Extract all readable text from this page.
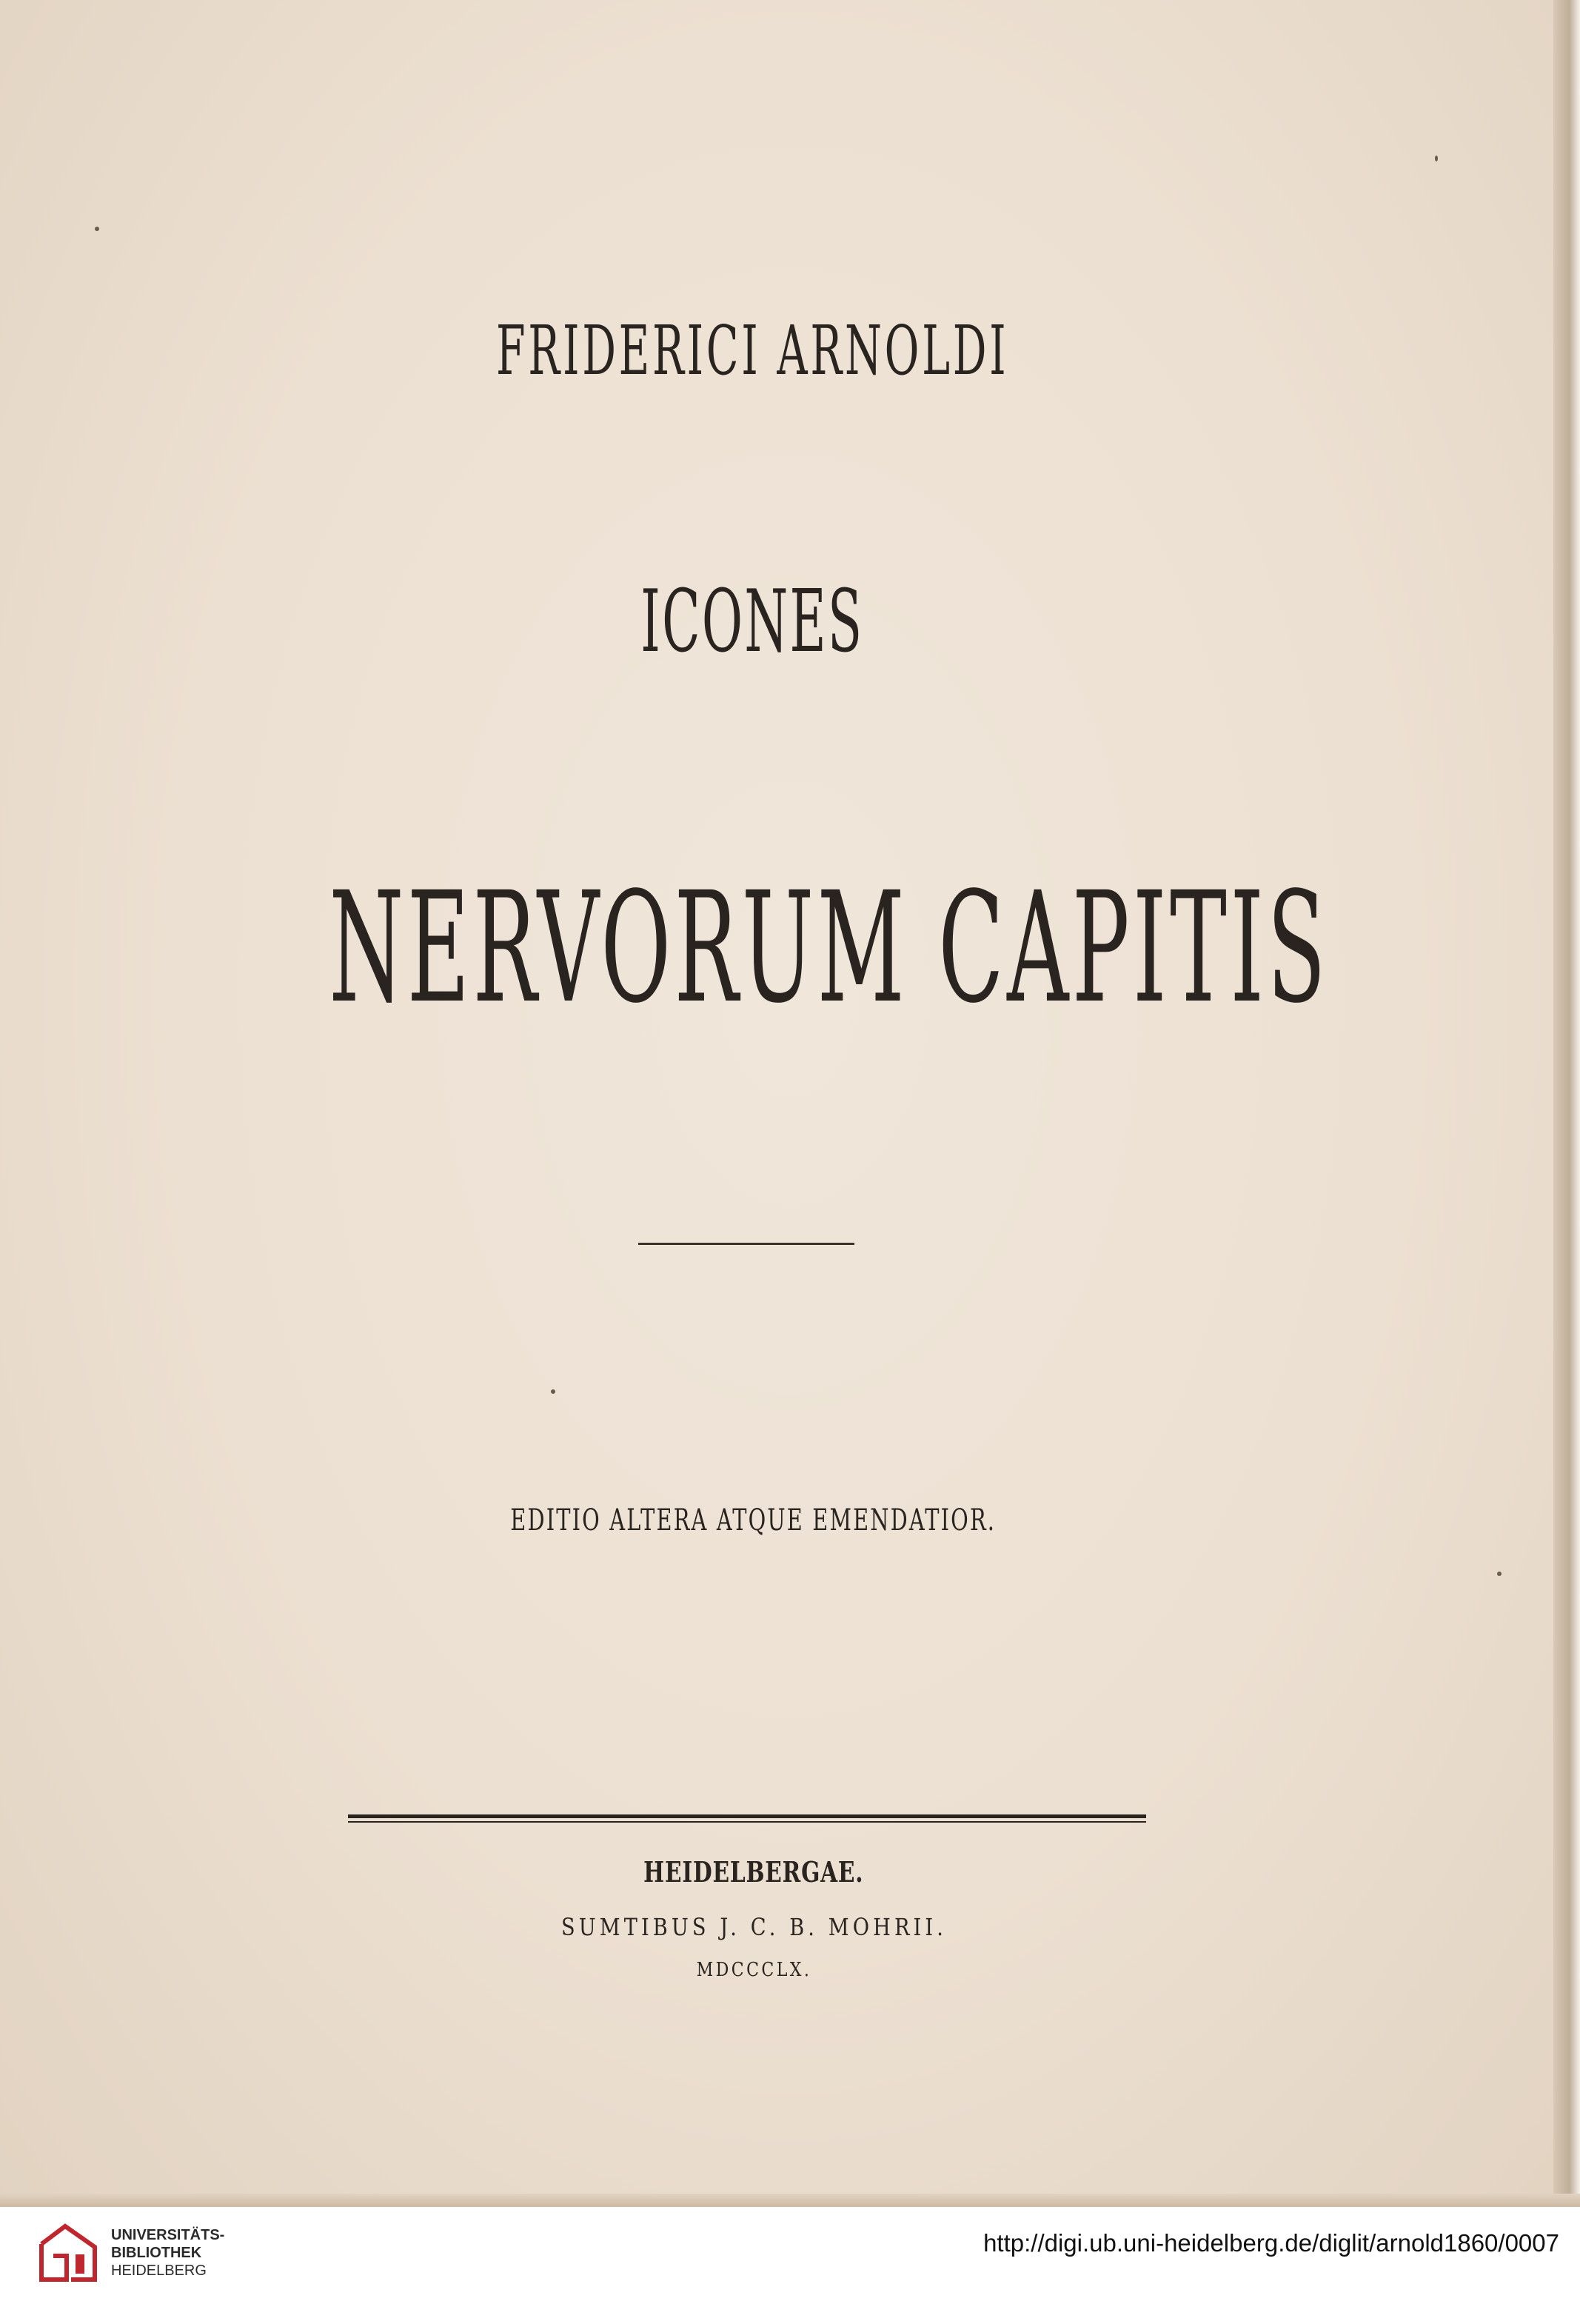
FRIDERICI ARNOLDI
ICONES
NERVORUM CAPITIS
EDITIO ALTERA ATQUE EMENDATIOR.
HEIDELBERGAE.
SUMTIBUS J. C. B. MOHRII.
MDCCCLX.
UNIVERSITÄTS-
BIBLIOTHEK
HEIDELBERG
http://digi.ub.uni-heidelberg.de/diglit/arnold1860/0007
